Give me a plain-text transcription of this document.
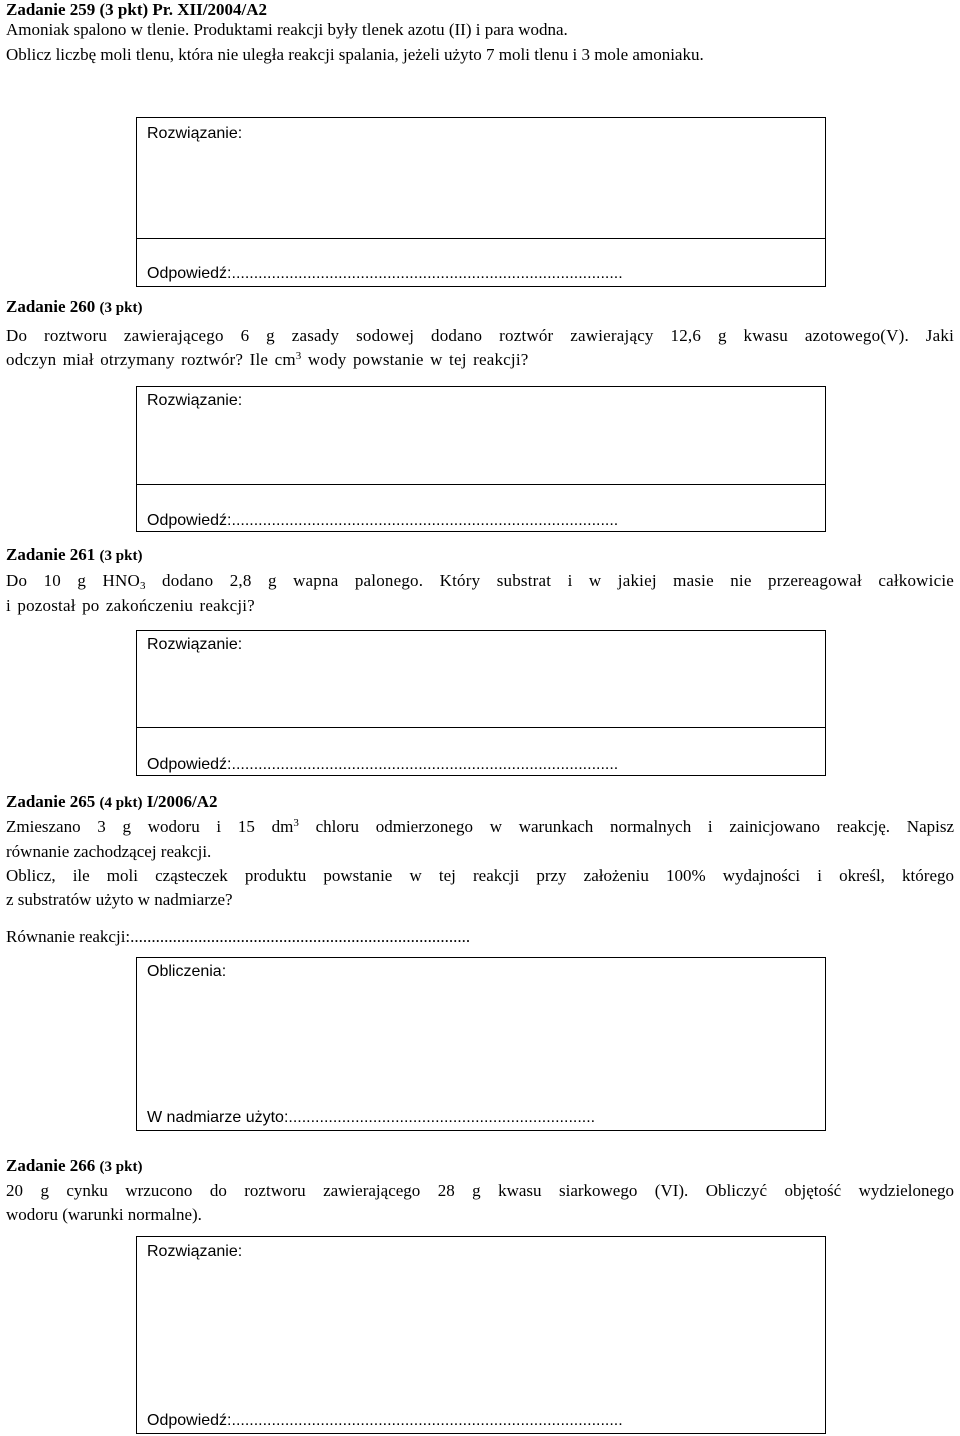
Zadanie 259 (3 pkt) Pr. XII/2004/A2
Amoniak spalono w tlenie. Produktami reakcji były tlenek azotu (II) i para wodna.
Oblicz liczbę moli tlenu, która nie uległa reakcji spalania, jeżeli użyto 7 moli tlenu i 3 mole amoniaku.
Rozwiązanie:
Odpowiedź:........................................................................................
Zadanie 260 (3 pkt)
Do roztworu zawierającego 6 g zasady sodowej dodano roztwór zawierający 12,6 g kwasu azotowego(V). Jaki
odczyn miał otrzymany roztwór? Ile $cm^3$ wody powstanie w tej reakcji?
Rozwiązanie:
Odpowiedź:.......................................................................................
Zadanie 261 (3 pkt)
Do 10 g $HNO_3$ dodano 2,8 g wapna palonego. Który substrat i w jakiej masie nie przereagował całkowicie
i pozostał po zakończeniu reakcji?
Rozwiązanie:
Odpowiedź:.......................................................................................
Zadanie 265 (4 pkt) I/2006/A2
Zmieszano 3 g wodoru i 15 $dm^3$ chloru odmierzonego w warunkach normalnych i zainicjowano reakcję. Napisz
równanie zachodzącej reakcji.
Oblicz, ile moli cząsteczek produktu powstanie w tej reakcji przy założeniu 100% wydajności i określ, którego
z substratów użyto w nadmiarze?
Równanie reakcji:................................................................................
Obliczenia:
W nadmiarze użyto:.....................................................................
Zadanie 266 (3 pkt)
20 g cynku wrzucono do roztworu zawierającego 28 g kwasu siarkowego (VI). Obliczyć objętość wydzielonego
wodoru (warunki normalne).
Rozwiązanie:
Odpowiedź:........................................................................................
